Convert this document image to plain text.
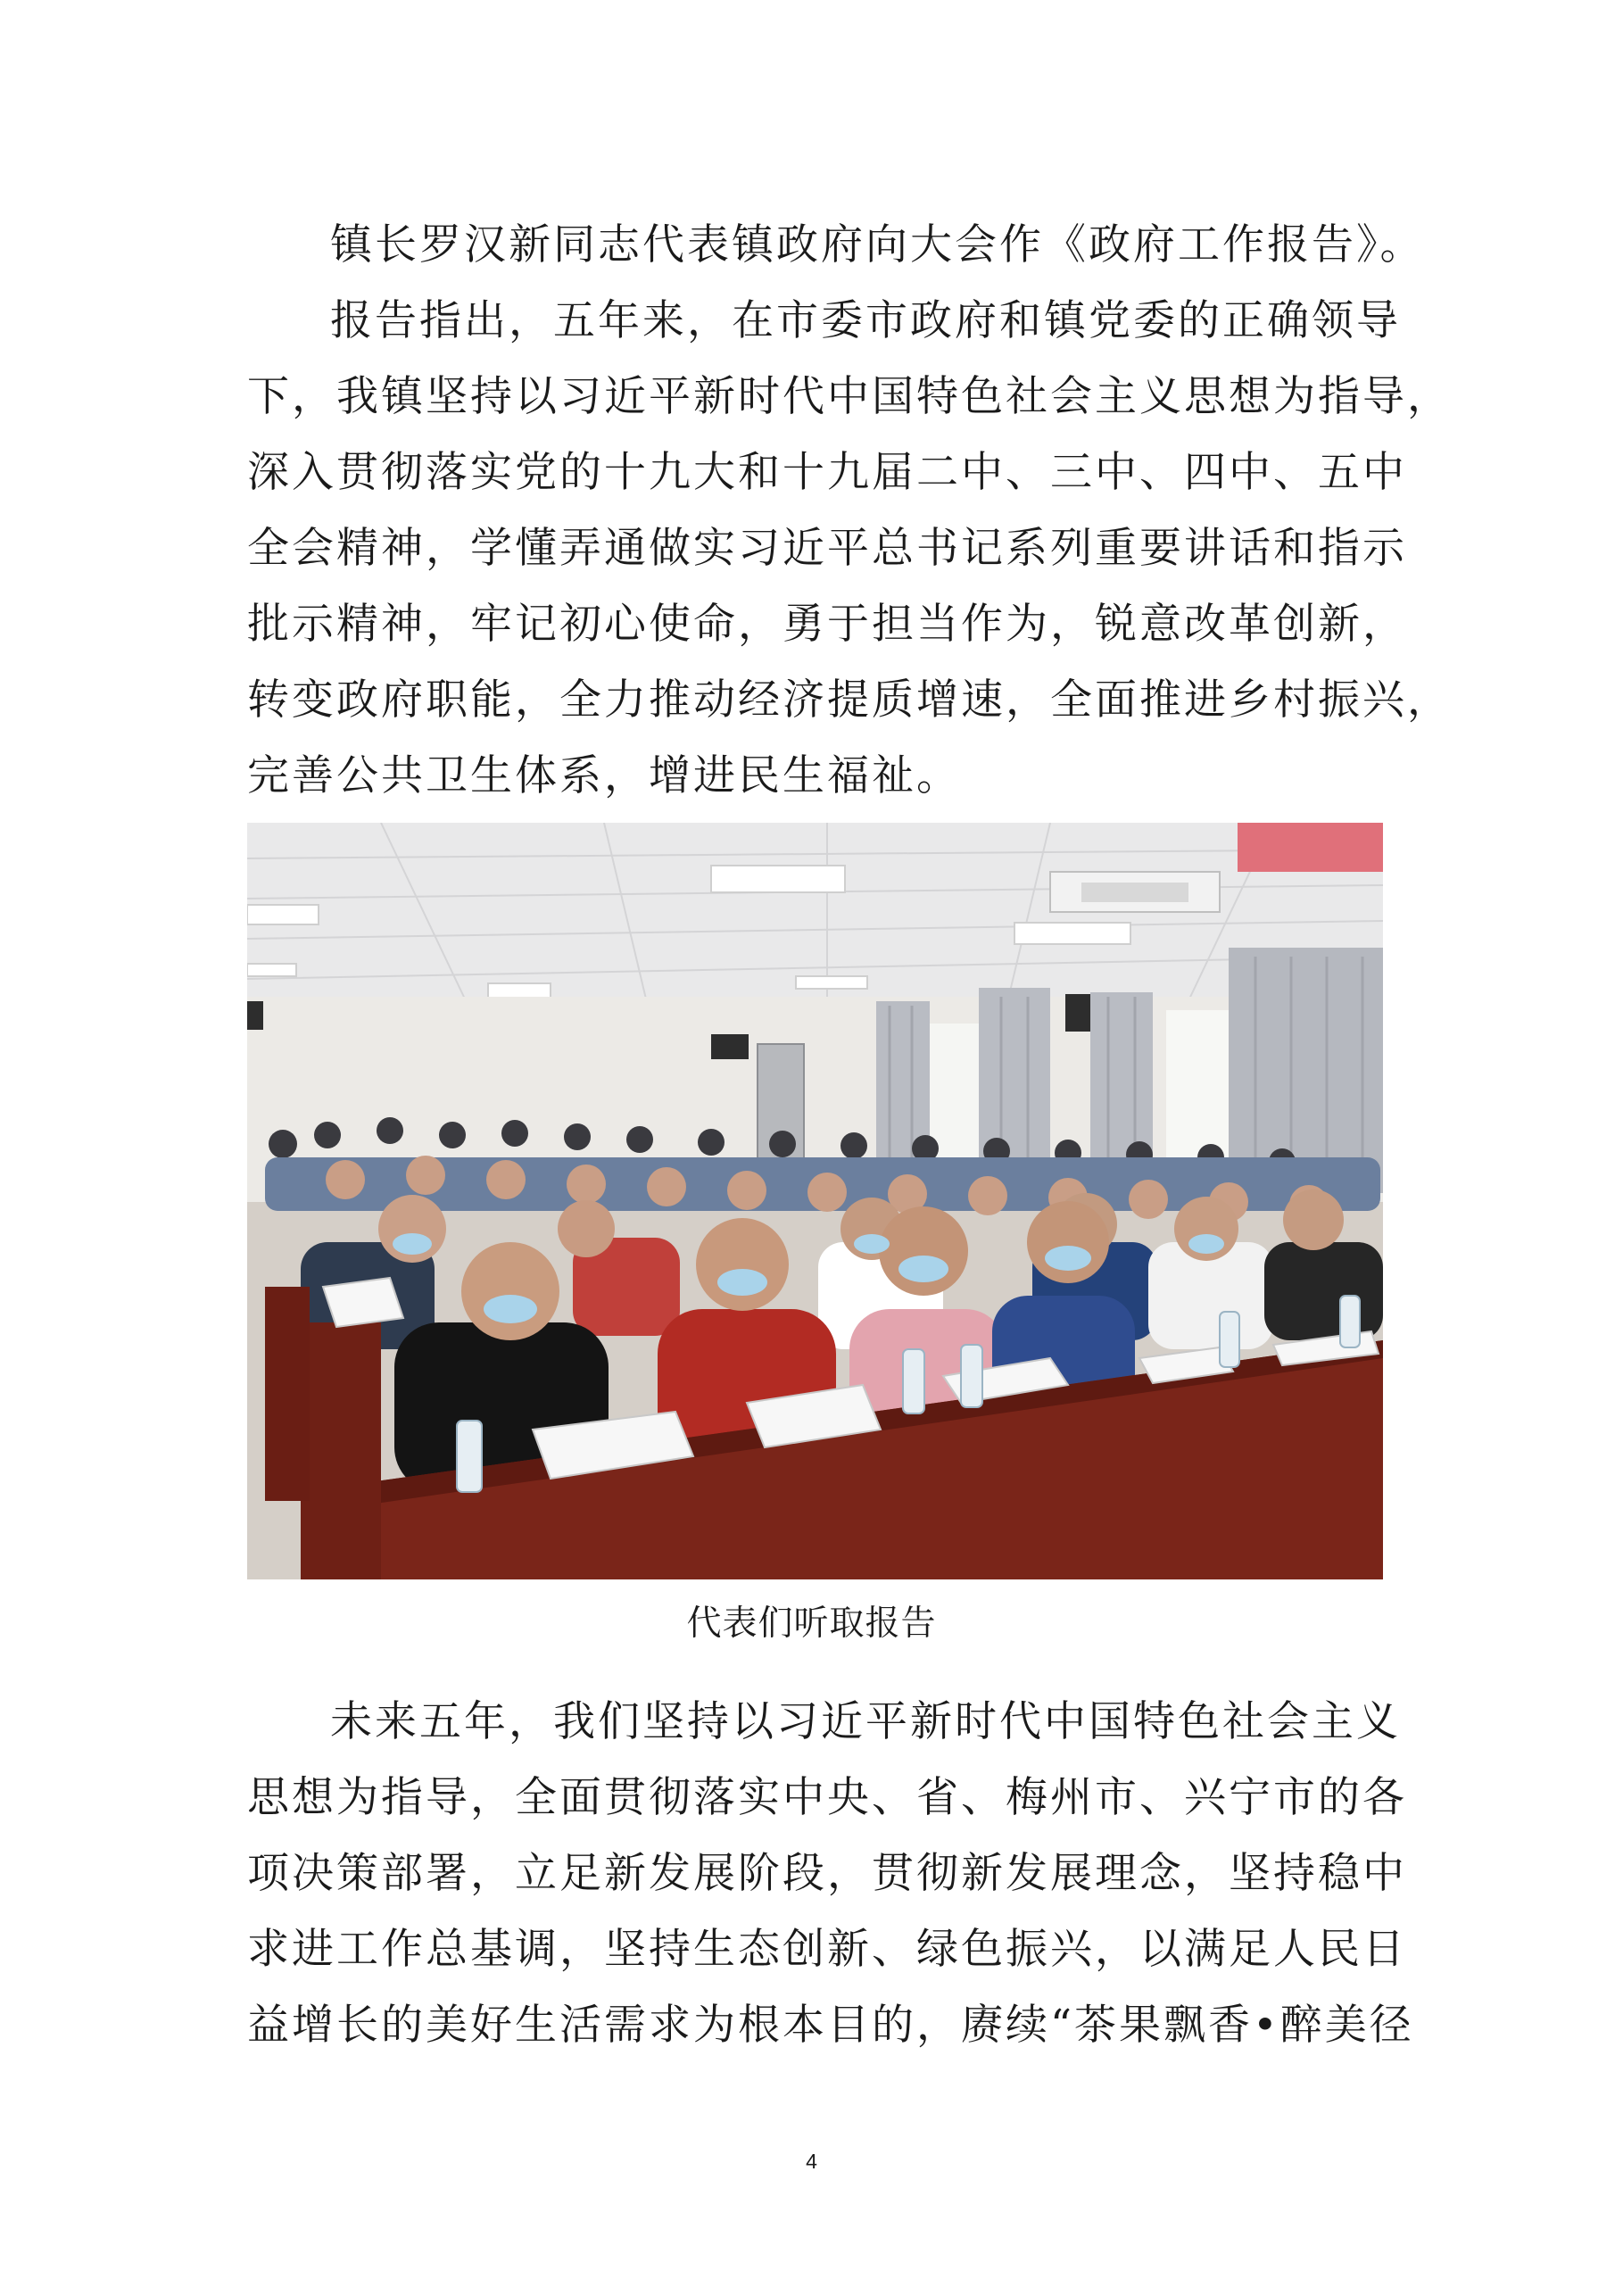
镇长罗汉新同志代表镇政府向大会作《政府工作报告》。

报告指出，五年来，在市委市政府和镇党委的正确领导

下，我镇坚持以习近平新时代中国特色社会主义思想为指导，

深入贯彻落实党的十九大和十九届二中、三中、四中、五中

全会精神，学懂弄通做实习近平总书记系列重要讲话和指示

批示精神，牢记初心使命，勇于担当作为，锐意改革创新，

转变政府职能，全力推动经济提质增速，全面推进乡村振兴，

完善公共卫生体系，增进民生福祉。

代表们听取报告

未来五年，我们坚持以习近平新时代中国特色社会主义

思想为指导，全面贯彻落实中央、省、梅州市、兴宁市的各

项决策部署，立足新发展阶段，贯彻新发展理念，坚持稳中

求进工作总基调，坚持生态创新、绿色振兴，以满足人民日

益增长的美好生活需求为根本目的，赓续“茶果飘香•醉美径

4
